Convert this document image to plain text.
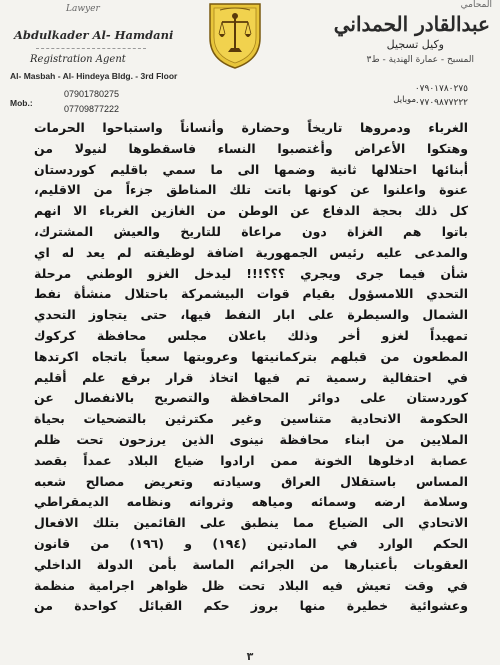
Lawyer
Abdulkader Al- Hamdani
Registration Agent
Al- Masbah - Al- Hindeya Bldg. - 3rd Floor
07901780275
07709877222
Mob.:
المحامي
عبدالقادر الحمداني
وكيل تسجيل
المسبح - عمارة الهندية - ط٣
٠٧٩٠١٧٨٠٢٧٥
موبايل
٠٧٧٠٩٨٧٧٢٢٢
الغرباء ودمروها تاريخاً وحضارة وأنساناً واستباحوا الحرمات
وهتكوا الأعراض وأغتصبوا النساء فاسقطوها لنيولا من
أبنائها احتلالها ثانية وضمها الى ما سمي باقليم كوردستان
عنوة واعلنوا عن كونها باتت تلك المناطق جزءاً من الاقليم،
كل ذلك بحجة الدفاع عن الوطن من الغازين الغرباء الا انهم
باتوا هم الغزاة دون مراعاة للتاريخ والعيش المشترك،
والمدعى عليه رئيس الجمهورية اضافة لوظيفته لم يعد له اي
شأن فيما جرى ويجري ؟؟؟!!! ليدخل الغزو الوطني مرحلة
التحدي اللامسؤول بقيام قوات البيشمركة باحتلال منشأة نفط
الشمال والسيطرة على ابار النفط فيها، حتى يتجاوز التحدي
تمهيداً لغزو أخر وذلك باعلان مجلس محافظة كركوك
المطعون من قبلهم بتركمانيتها وعروبتها سعياً باتجاه اكرتدها
في احتفالية رسمية تم فيها اتخاذ قرار برفع علم أقليم
كوردستان على دوائر المحافظة والتصريح بالانفصال عن
الحكومة الاتحادية متناسين وغير مكترثين بالتضحيات بحياة
الملايين من ابناء محافظة نينوى الذين يرزحون تحت ظلم
عصابة ادخلوها الخونة ممن ارادوا ضياع البلاد عمداً بقصد
المساس باستقلال العراق وسيادته وتعريض مصالح شعبه
وسلامة ارضه وسمائه ومياهه وثرواته ونظامه الديمقراطي
الاتحادي الى الضياع مما ينطبق على القائمين بتلك الافعال
الحكم الوارد في المادتين (١٩٤) و (١٩٦) من قانون
العقوبات بأعتبارها من الجرائم الماسة بأمن الدولة الداخلي
في وقت تعيش فيه البلاد تحت ظل ظواهر اجرامية منظمة
وعشوائية خطيرة منها بروز حكم القبائل كواحدة من
٣
